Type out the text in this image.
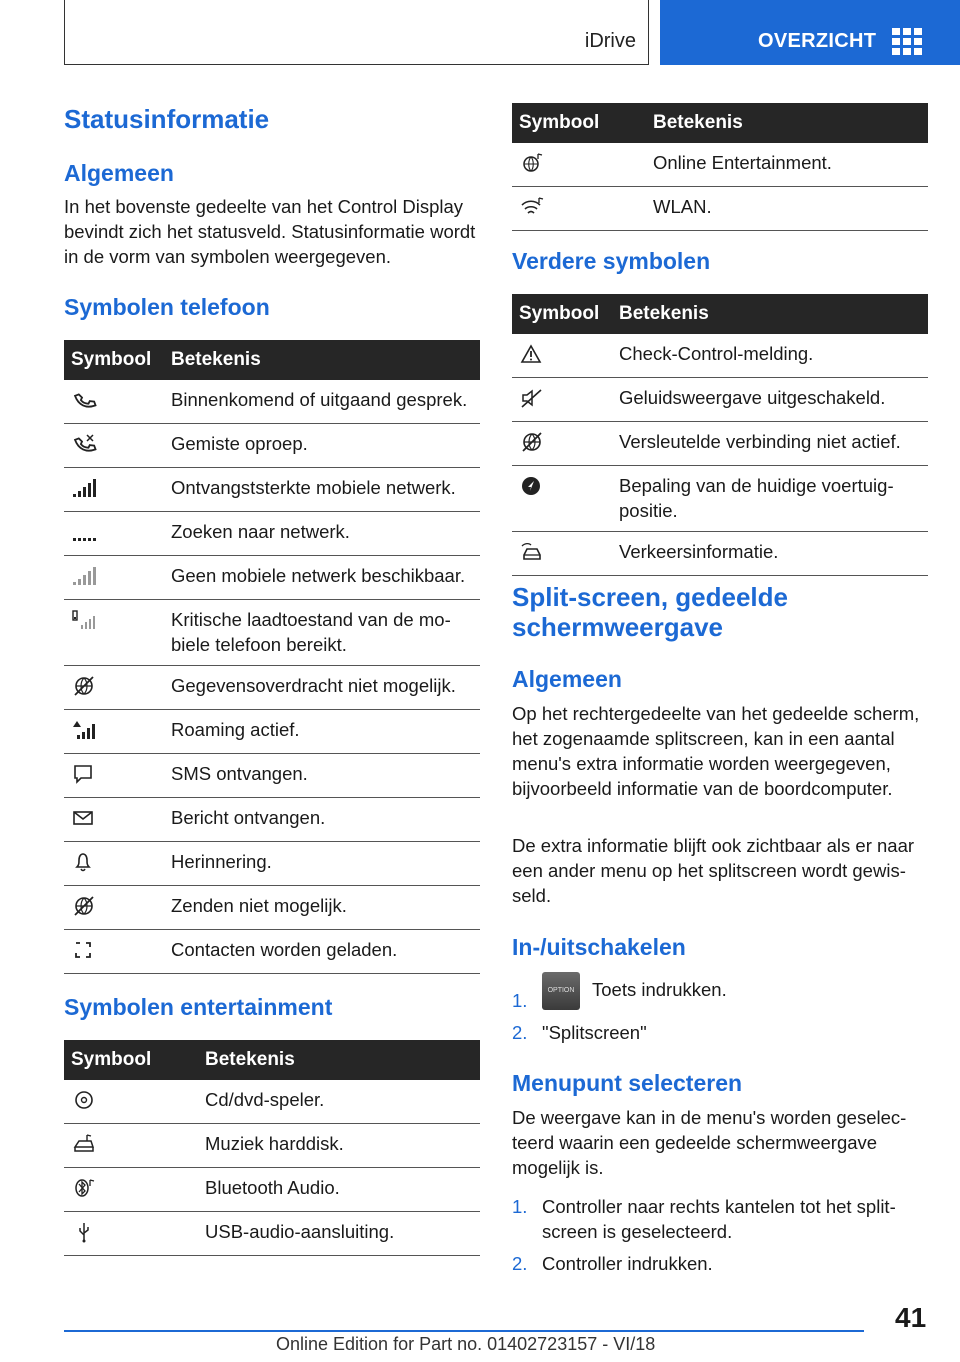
iDrive	OVERZICHT
Statusinformatie
Algemeen
In het bovenste gedeelte van het Control Display bevindt zich het statusveld. Statusinformatie wordt in de vorm van symbolen weergegeven.
Symbolen telefoon
Symbool	Betekenis
	Binnenkomend of uitgaand gesprek.
	Gemiste oproep.
	Ontvangststerkte mobiele netwerk.
	Zoeken naar netwerk.
	Geen mobiele netwerk beschikbaar.
	Kritische laadtoestand van de mobiele telefoon bereikt.
	Gegevensoverdracht niet mogelijk.
	Roaming actief.
	SMS ontvangen.
	Bericht ontvangen.
	Herinnering.
	Zenden niet mogelijk.
	Contacten worden geladen.
Symbolen entertainment
Symbool	Betekenis
	Cd/dvd-speler.
	Muziek harddisk.
	Bluetooth Audio.
	USB-audio-aansluiting.
Symbool	Betekenis
	Online Entertainment.
	WLAN.
Verdere symbolen
Symbool	Betekenis
	Check-Control-melding.
	Geluidsweergave uitgeschakeld.
	Versleutelde verbinding niet actief.
	Bepaling van de huidige voertuigpositie.
	Verkeersinformatie.
Split-screen, gedeelde
schermweergave
Algemeen
Op het rechtergedeelte van het gedeelde scherm, het zogenaamde splitscreen, kan in een aantal menu's extra informatie worden weergegeven, bijvoorbeeld informatie van de boordcomputer.
De extra informatie blijft ook zichtbaar als er naar een ander menu op het splitscreen wordt gewisseld.
In-/uitschakelen
1.	OPTION Toets indrukken.
2. "Splitscreen"
Menupunt selecteren
De weergave kan in de menu's worden geselecteerd waarin een gedeelde schermweergave mogelijk is.
1. Controller naar rechts kantelen tot het splitscreen is geselecteerd.
2. Controller indrukken.
41
Online Edition for Part no. 01402723157 - VI/18
